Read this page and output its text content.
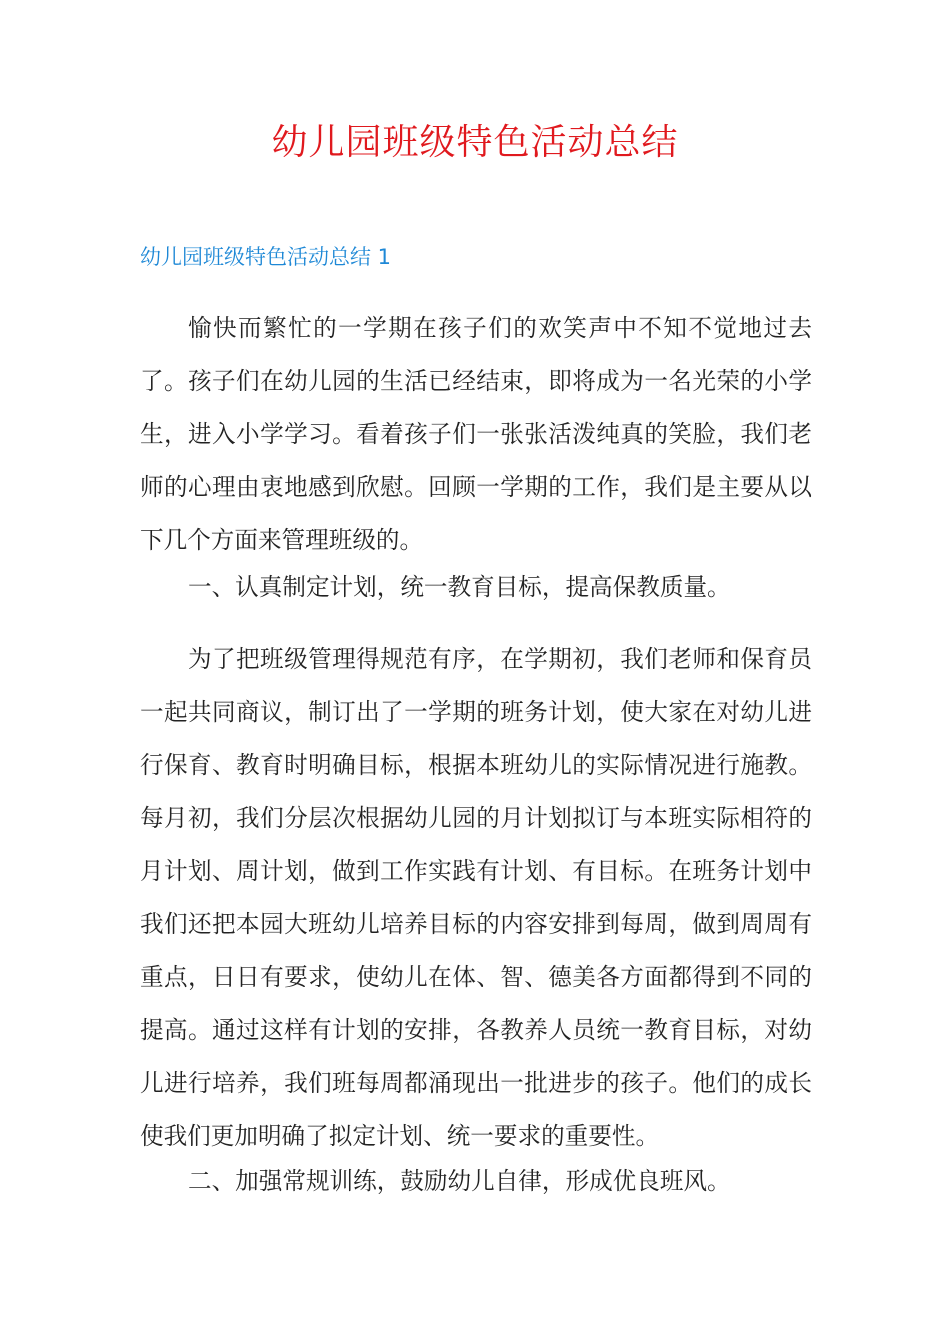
幼儿园班级特色活动总结
幼儿园班级特色活动总结 1

愉快而繁忙的一学期在孩子们的欢笑声中不知不觉地过去了。孩子们在幼儿园的生活已经结束，即将成为一名光荣的小学生，进入小学学习。看着孩子们一张张活泼纯真的笑脸，我们老师的心理由衷地感到欣慰。回顾一学期的工作，我们是主要从以下几个方面来管理班级的。

一、认真制定计划，统一教育目标，提高保教质量。

为了把班级管理得规范有序，在学期初，我们老师和保育员一起共同商议，制订出了一学期的班务计划，使大家在对幼儿进行保育、教育时明确目标，根据本班幼儿的实际情况进行施教。每月初，我们分层次根据幼儿园的月计划拟订与本班实际相符的月计划、周计划，做到工作实践有计划、有目标。在班务计划中我们还把本园大班幼儿培养目标的内容安排到每周，做到周周有重点，日日有要求，使幼儿在体、智、德美各方面都得到不同的提高。通过这样有计划的安排，各教养人员统一教育目标，对幼儿进行培养，我们班每周都涌现出一批进步的孩子。他们的成长使我们更加明确了拟定计划、统一要求的重要性。

二、加强常规训练，鼓励幼儿自律，形成优良班风。
